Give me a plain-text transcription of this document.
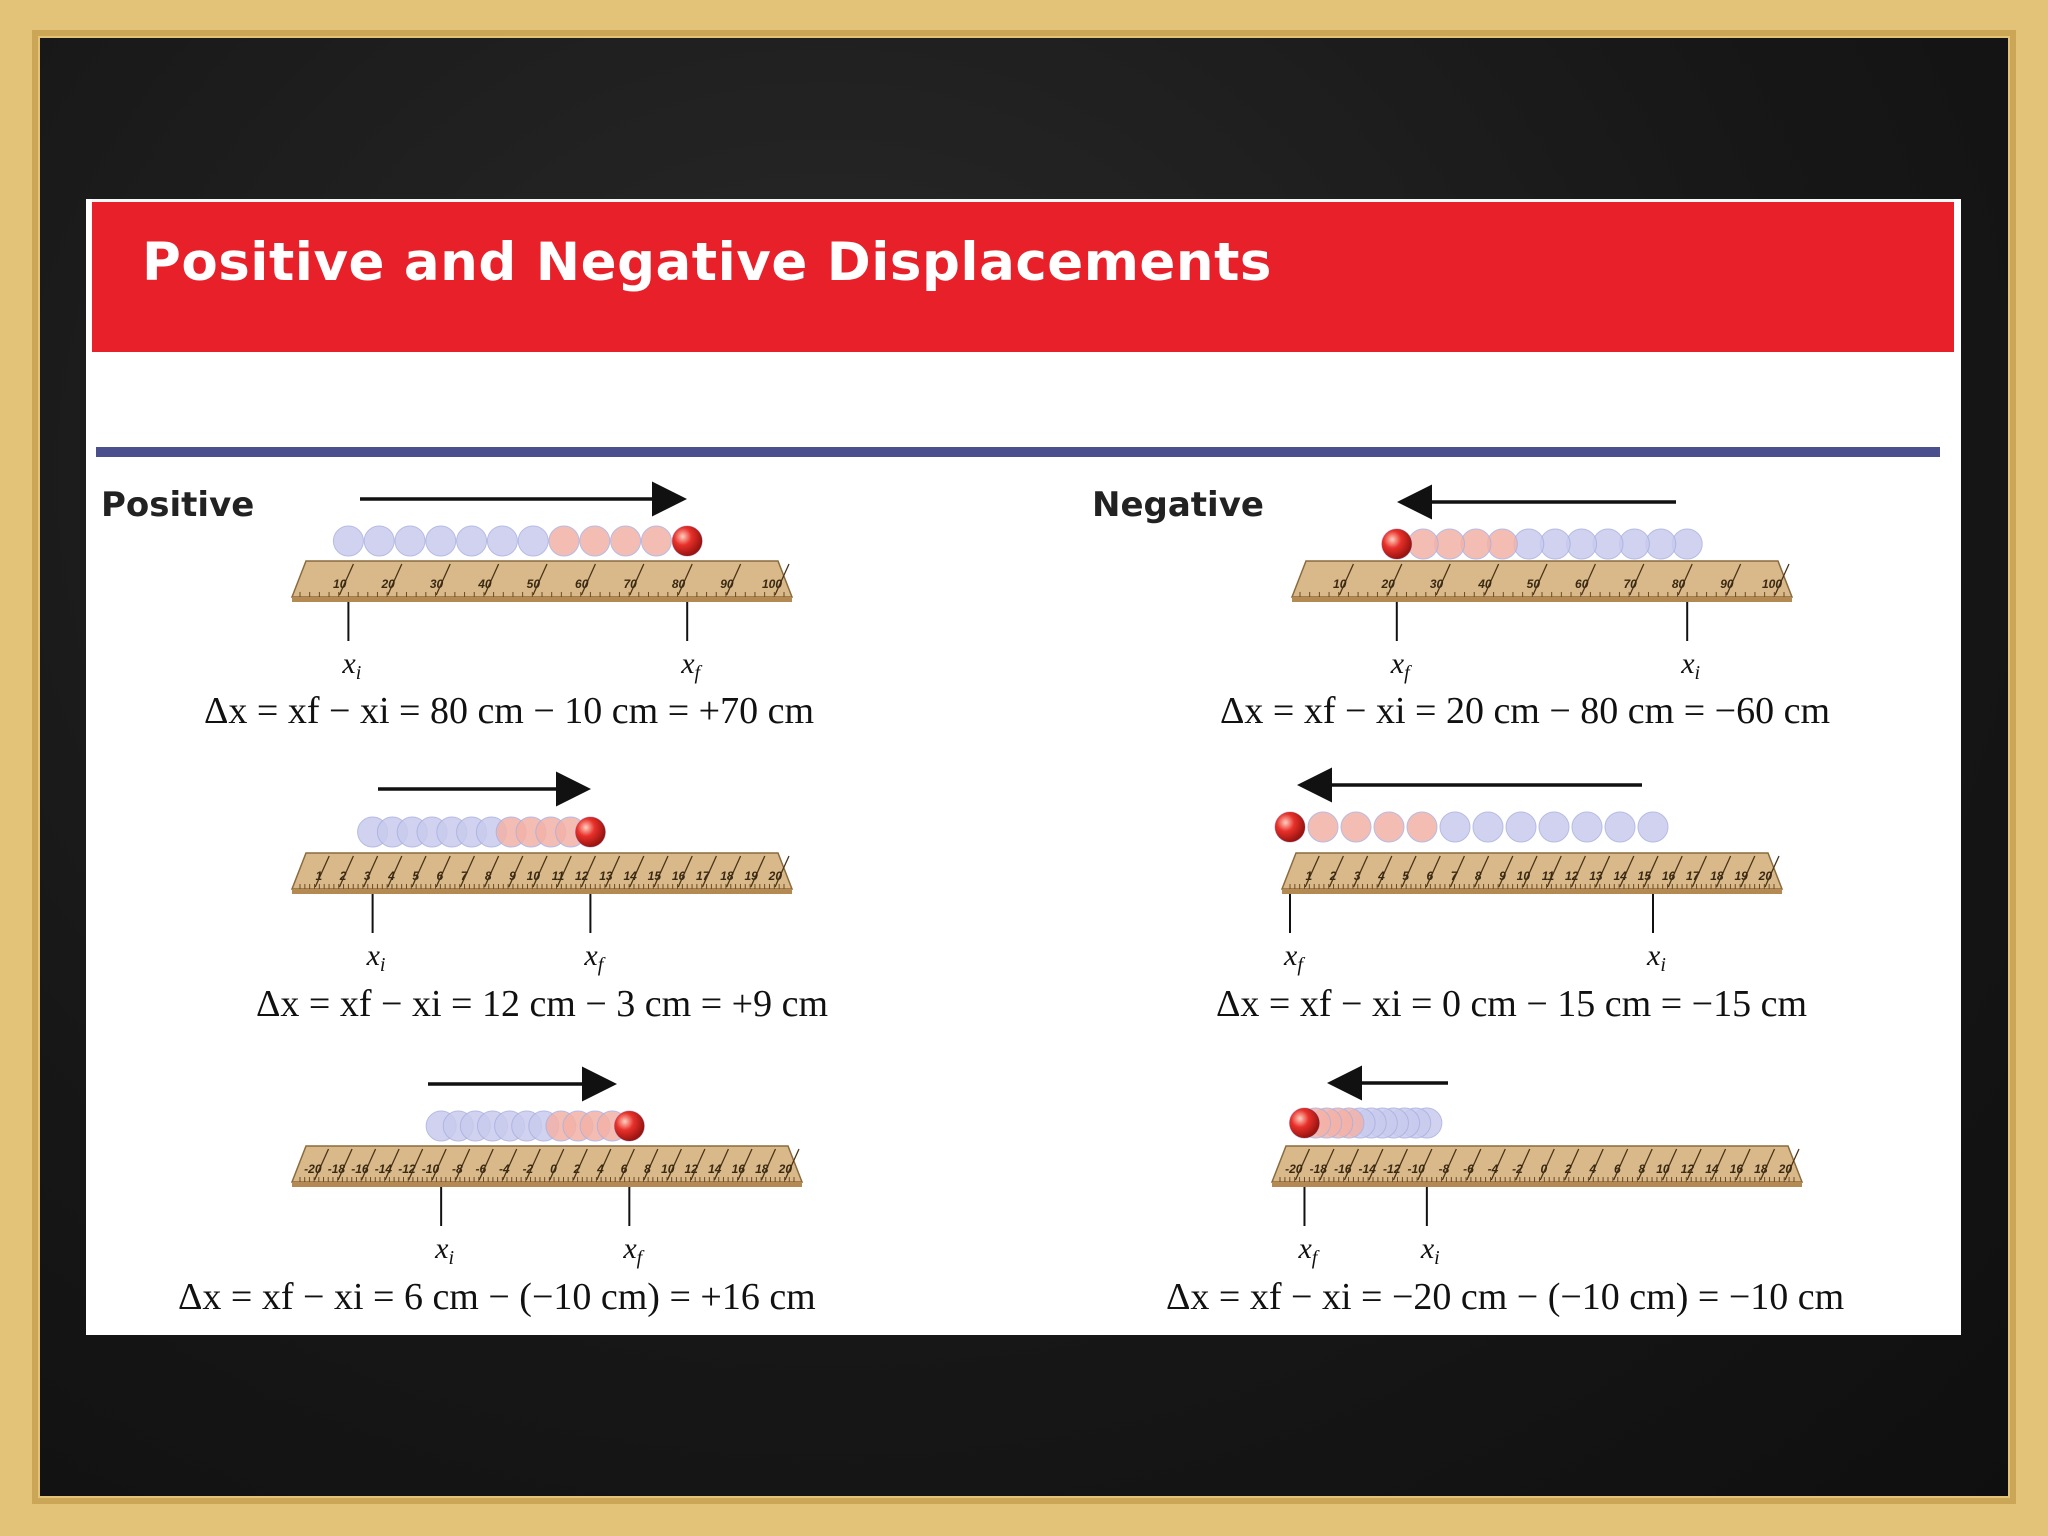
Positive and Negative Displacements
Positive	Negative
10	20	30	40	50	60	70	80	90 100
$x_i$	$x_f$
1 2 3 4 5 6 7 8 9 10 11 12 13 14 15 16 17 18 19 20
$x_i$	$x_f$
-20 -18 -16 -14 -12 -10 -8 -6 -4 -2 0 2 4 6 8 10 12 14 16 18 20
$x_i$	$x_f$
10	20	30	40	50	60	70	80	90 100
$x_i$
$x_f$
1 2 3 4 5 6 7 8 9 10 11 12 13 14 15 16 17 18 19 20
$x_i$
$x_f$
-20 -18 -16 -14 -12 -10 -8 -6 -4 -2 0 2 4 6 8 10 12 14 16 18 20
$x_i$
$x_f$
Δx = xf − xi = 80 cm − 10 cm = +70 cm
Δx = xf − xi = 12 cm − 3 cm = +9 cm
Δx = xf − xi = 6 cm − (−10 cm) = +16 cm
Δx = xf − xi = 20 cm − 80 cm = −60 cm
Δx = xf − xi = 0 cm − 15 cm = −15 cm
Δx = xf − xi = −20 cm − (−10 cm) = −10 cm
